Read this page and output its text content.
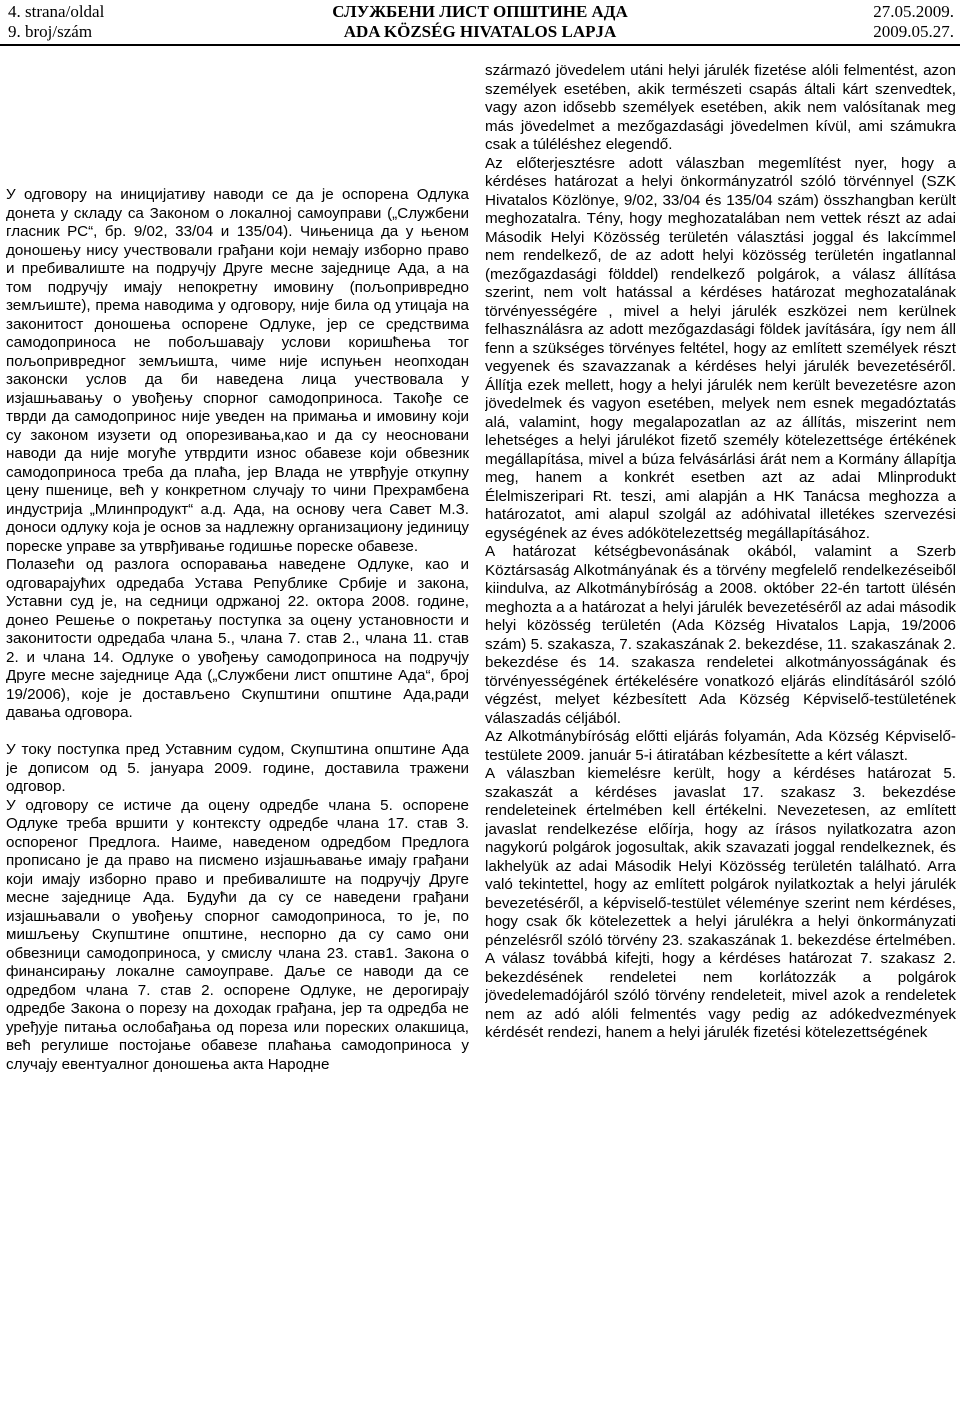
4. strana/oldal
9. broj/szám
СЛУЖБЕНИ ЛИСТ ОПШТИНЕ АДА
ADA KÖZSÉG HIVATALOS LAPJA
27.05.2009.
2009.05.27.

У одговору на иницијативу наводи се да је оспорена Одлука донета у складу са Законом о локалној самоуправи („Службени гласник РС“, бр. 9/02, 33/04 и 135/04). Чињеница да у њеном доношењу нису учествовали грађани који немају изборно право и пребивалиште на подручју Друге месне заједнице Ада, а на том подручју имају непокретну имовину (пољопривредно земљиште), према наводима у одговору, није била од утицаја на законитост доношења оспорене Одлуке, јер се средствима самодоприноса не побољшавају услови коришћења тог пољопривредног земљишта, чиме није испуњен неопходан законски услов да би наведена лица учествовала у изјашњавању о увођењу спорног самодоприноса. Такође се тврди да самодопринос није уведен на примања и имовину који су законом изузети од опорезивања,као и да су неосновани наводи да није могуће утврдити износ обавезе који обвезник самодоприноса треба да плаћа, јер Влада не утврђује откупну цену пшенице, већ у конкретном случају то чини Прехрамбена индустрија „Млинпродукт“ а.д. Ада, на основу чега Савет М.З. доноси одлуку која је основ за надлежну организациону јединицу пореске управе за утврђивање годишње пореске обавезе.

Полазећи од разлога оспоравања наведене Одлуке, као и одговарајућих одредаба Устава Републике Србије и закона, Уставни суд је, на седници одржаној 22. октора 2008. године, донео Решење о покретању поступка за оцену установности и законитости одредаба члана 5., члана 7. став 2., члана 11. став 2. и члана 14. Одлуке о увођењу самодоприноса на подручју Друге месне заједнице Ада („Службени лист општине Ада“, број 19/2006), које је достављено Скупштини општине Ада,ради давања одговора.

У току поступка пред Уставним судом, Скупштина општине Ада је дописом од 5. јануара 2009. године, доставила тражени одговор.

У одговору се истиче да оцену одредбе члана 5. оспорене Одлуке треба вршити у контексту одредбе члана 17. став 3. оспореног Предлога. Наиме, наведеном одредбом Предлога прописано је да право на писмено изјашњавање имају грађани који имају изборно право и пребивалиште на подручју Друге месне заједнице Ада. Будући да су се наведени грађани изјашњавали о увођењу спорног самодоприноса, то је, по мишљењу Скупштине општине, неспорно да су само они обвезници самодоприноса, у смислу члана 23. став1. Закона о финансирању локалне самоуправе. Даље се наводи да се одредбом члана 7. став 2. оспорене Одлуке, не дерогирају одредбе Закона о порезу на доходак грађана, јер та одредба не уређује питања ослобађања од пореза или пореских олакшица, већ регулише постојање обавезе плаћања самодоприноса у случају евентуалног доношења акта Народне

származó jövedelem utáni helyi járulék fizetése alóli felmentést, azon személyek esetében, akik természeti csapás általi kárt szenvedtek, vagy azon idősebb személyek esetében, akik nem valósítanak meg más jövedelmet a mezőgazdasági jövedelmen kívül, ami számukra csak a túléléshez elegendő.

Az előterjesztésre adott válaszban megemlítést nyer, hogy a kérdéses határozat a helyi önkormányzatról szóló törvénnyel (SZK Hivatalos Közlönye, 9/02, 33/04 és 135/04 szám) összhangban került meghozatalra. Tény, hogy meghozatalában nem vettek részt az adai Második Helyi Közösség területén választási joggal és lakcímmel nem rendelkező, de az adott helyi közösség területén ingatlannal (mezőgazdasági földdel) rendelkező polgárok, a válasz állítása szerint, nem volt hatással a kérdéses határozat meghozatalának törvényességére , mivel a helyi járulék eszközei nem kerülnek felhasználásra az adott mezőgazdasági földek javítására, így nem áll fenn a szükséges törvényes feltétel, hogy az említett személyek részt vegyenek és szavazzanak a kérdéses helyi járulék bevezetéséről. Állítja ezek mellett, hogy a helyi járulék nem került bevezetésre azon jövedelmek és vagyon esetében, melyek nem esnek megadóztatás alá, valamint, hogy megalapozatlan az az állítás, miszerint nem lehetséges a helyi járulékot fizető személy kötelezettsége értékének megállapítása, mivel a búza felvásárlási árát nem a Kormány állapítja meg, hanem a konkrét esetben azt az adai Mlinprodukt Élelmiszeripari Rt. teszi, ami alapján a HK Tanácsa meghozza a határozatot, ami alapul szolgál az adóhivatal illetékes szervezési egységének az éves adókötelezettség megállapításához.

A határozat kétségbevonásának okából, valamint a Szerb Köztársaság Alkotmányának és a törvény megfelelő rendelkezéseiből kiindulva, az Alkotmánybíróság a 2008. október 22-én tartott ülésén meghozta a a határozat a helyi járulék bevezetéséről az adai második helyi közösség területén (Ada Község Hivatalos Lapja, 19/2006 szám) 5. szakasza, 7. szakaszának 2. bekezdése, 11. szakaszának 2. bekezdése és 14. szakasza rendeletei alkotmányosságának és törvényességének értékelésére vonatkozó eljárás elindításáról szóló végzést, melyet kézbesített Ada Község Képviselő-testületének válaszadás céljából.

Az Alkotmánybíróság előtti eljárás folyamán, Ada Község Képviselő-testülete 2009. január 5-i átiratában kézbesítette a kért választ.

A válaszban kiemelésre került, hogy a kérdéses határozat 5. szakaszát a kérdéses javaslat 17. szakasz 3. bekezdése rendeleteinek értelmében kell értékelni. Nevezetesen, az említett javaslat rendelkezése előírja, hogy az írásos nyilatkozatra azon nagykorú polgárok jogosultak, akik szavazati joggal rendelkeznek, és lakhelyük az adai Második Helyi Közösség területén található. Arra való tekintettel, hogy az említett polgárok nyilatkoztak a helyi járulék bevezetéséről, a képviselő-testület véleménye szerint nem kérdéses, hogy csak ők kötelezettek a helyi járulékra a helyi önkormányzati pénzelésről szóló törvény 23. szakaszának 1. bekezdése értelmében. A válasz továbbá kifejti, hogy a kérdéses határozat 7. szakasz 2. bekezdésének rendeletei nem korlátozzák a polgárok jövedelemadójáról szóló törvény rendeleteit, mivel azok a rendeletek nem az adó alóli felmentés vagy pedig az adókedvezmények kérdését rendezi, hanem a helyi járulék fizetési kötelezettségének
